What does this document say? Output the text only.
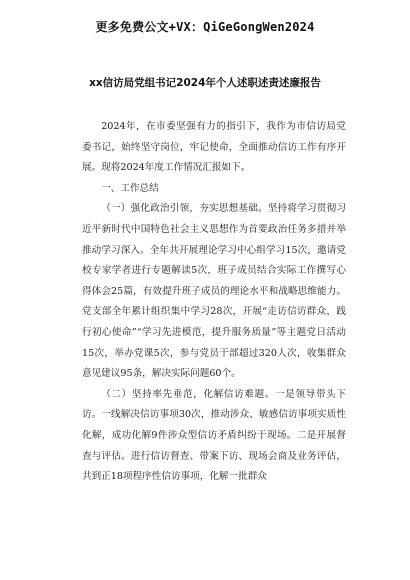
更多免费公文+VX：QiGeGongWen2024
xx信访局党组书记2024年个人述职述责述廉报告

2024年，在市委坚强有力的指引下，我作为市信访局党委书记，始终坚守岗位，牢记使命，全面推动信访工作有序开展。现将2024年度工作情况汇报如下。

一、工作总结

（一）强化政治引领，夯实思想基础。坚持将学习贯彻习近平新时代中国特色社会主义思想作为首要政治任务多措并举推动学习深入。全年共开展理论学习中心组学习15次，邀请党校专家学者进行专题解读5次，班子成员结合实际工作撰写心得体会25篇，有效提升班子成员的理论水平和战略思维能力。党支部全年累计组织集中学习28次，开展“走访信访群众，践行初心使命”“学习先进模范，提升服务质量”等主题党日活动15次，举办党课5次，参与党员干部超过320人次，收集群众意见建议95条，解决实际问题60个。

（二）坚持率先垂范，化解信访难题。一是领导带头下访。一线解决信访事项30次，推动涉众、敏感信访事项实质性化解，成功化解9件涉众型信访矛盾纠纷于现场。二是开展督查与评估。进行信访督查、带案下访、现场会商及业务评估，共到正18项程序性信访事项，化解一批群众
